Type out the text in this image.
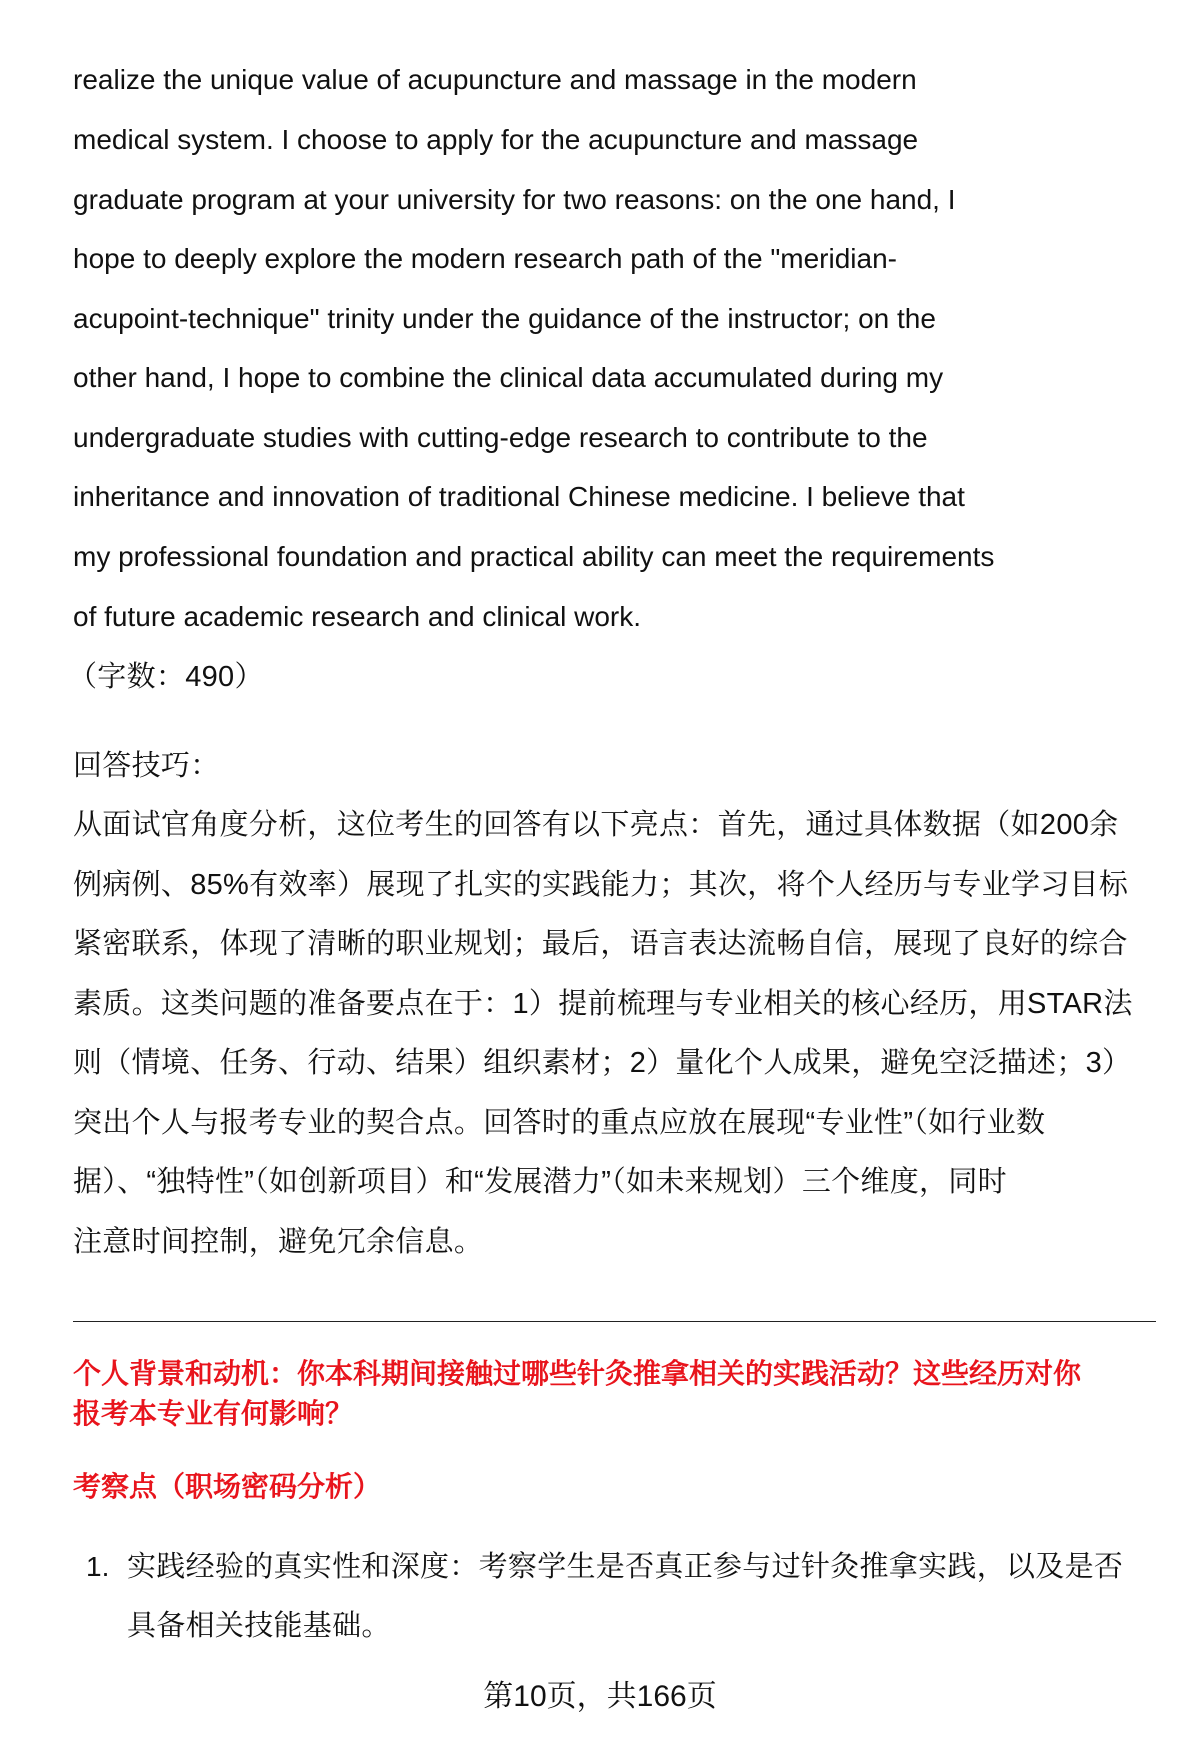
realize the unique value of acupuncture and massage in the modern
medical system. I choose to apply for the acupuncture and massage
graduate program at your university for two reasons: on the one hand, I
hope to deeply explore the modern research path of the "meridian-
acupoint-technique" trinity under the guidance of the instructor; on the
other hand, I hope to combine the clinical data accumulated during my
undergraduate studies with cutting-edge research to contribute to the
inheritance and innovation of traditional Chinese medicine. I believe that
my professional foundation and practical ability can meet the requirements
of future academic research and clinical work.
（字数：490）
回答技巧：
从面试官角度分析，这位考生的回答有以下亮点：首先，通过具体数据（如200余
例病例、85%有效率）展现了扎实的实践能力；其次，将个人经历与专业学习目标
紧密联系，体现了清晰的职业规划；最后，语言表达流畅自信，展现了良好的综合
素质。这类问题的准备要点在于：1）提前梳理与专业相关的核心经历，用STAR法
则（情境、任务、行动、结果）组织素材；2）量化个人成果，避免空泛描述；3）
突出个人与报考专业的契合点。回答时的重点应放在展现“专业性”（如行业数
据）、“独特性”（如创新项目）和“发展潜力”（如未来规划）三个维度，同时
注意时间控制，避免冗余信息。
个人背景和动机：你本科期间接触过哪些针灸推拿相关的实践活动？这些经历对你
报考本专业有何影响？
考察点（职场密码分析）
1. 实践经验的真实性和深度：考察学生是否真正参与过针灸推拿实践，以及是否
具备相关技能基础。
第10页，共166页
